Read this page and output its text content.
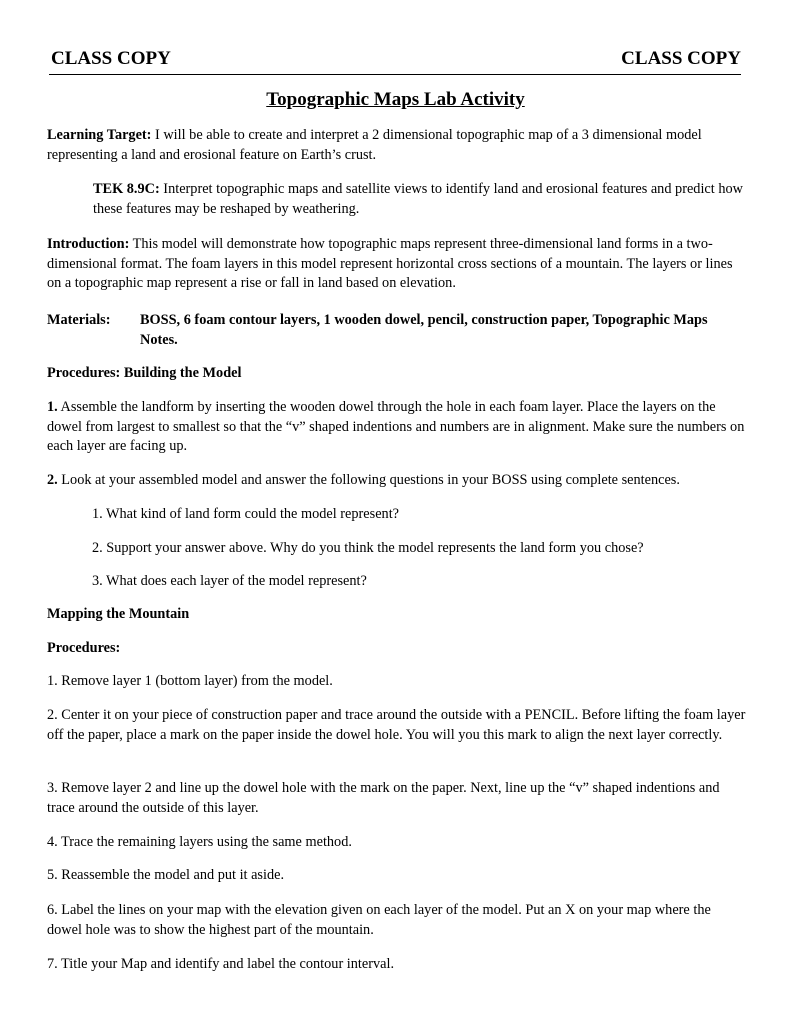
CLASS COPY	CLASS COPY
Topographic Maps Lab Activity
Learning Target: I will be able to create and interpret a 2 dimensional topographic map of a 3 dimensional model representing a land and erosional feature on Earth’s crust.
TEK 8.9C: Interpret topographic maps and satellite views to identify land and erosional features and predict how these features may be reshaped by weathering.
Introduction: This model will demonstrate how topographic maps represent three-dimensional land forms in a two-dimensional format. The foam layers in this model represent horizontal cross sections of a mountain. The layers or lines on a topographic map represent a rise or fall in land based on elevation.
Materials: BOSS, 6 foam contour layers, 1 wooden dowel, pencil, construction paper, Topographic Maps Notes.
Procedures: Building the Model
1. Assemble the landform by inserting the wooden dowel through the hole in each foam layer. Place the layers on the dowel from largest to smallest so that the “v” shaped indentions and numbers are in alignment. Make sure the numbers on each layer are facing up.
2. Look at your assembled model and answer the following questions in your BOSS using complete sentences.
1. What kind of land form could the model represent?
2. Support your answer above. Why do you think the model represents the land form you chose?
3. What does each layer of the model represent?
Mapping the Mountain
Procedures:
1. Remove layer 1 (bottom layer) from the model.
2. Center it on your piece of construction paper and trace around the outside with a PENCIL. Before lifting the foam layer off the paper, place a mark on the paper inside the dowel hole. You will you this mark to align the next layer correctly.
3. Remove layer 2 and line up the dowel hole with the mark on the paper. Next, line up the “v” shaped indentions and trace around the outside of this layer.
4. Trace the remaining layers using the same method.
5. Reassemble the model and put it aside.
6. Label the lines on your map with the elevation given on each layer of the model. Put an X on your map where the dowel hole was to show the highest part of the mountain.
7. Title your Map and identify and label the contour interval.
